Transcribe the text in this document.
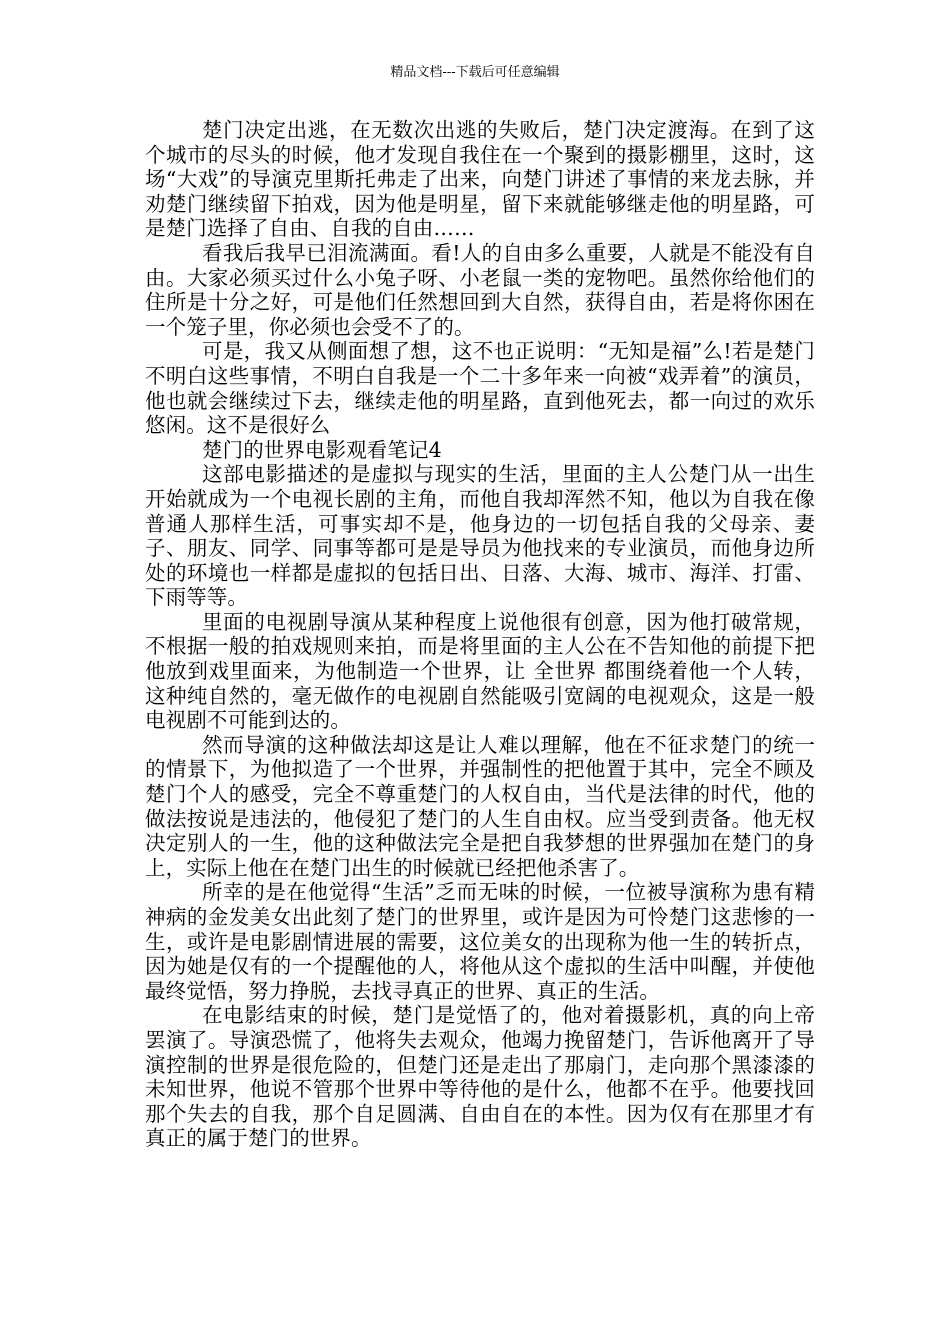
精品文档---下载后可任意编辑

楚门决定出逃，在无数次出逃的失败后，楚门决定渡海。在到了这个城市的尽头的时候，他才发现自我住在一个聚到的摄影棚里，这时，这场“大戏”的导演克里斯托弗走了出来，向楚门讲述了事情的来龙去脉，并劝楚门继续留下拍戏，因为他是明星，留下来就能够继走他的明星路，可是楚门选择了自由、自我的自由……

看我后我早已泪流满面。看!人的自由多么重要，人就是不能没有自由。大家必须买过什么小兔子呀、小老鼠一类的宠物吧。虽然你给他们的住所是十分之好，可是他们任然想回到大自然，获得自由，若是将你困在一个笼子里，你必须也会受不了的。

可是，我又从侧面想了想，这不也正说明：“无知是福”么!若是楚门不明白这些事情，不明白自我是一个二十多年来一向被“戏弄着”的演员，他也就会继续过下去，继续走他的明星路，直到他死去，都一向过的欢乐悠闲。这不是很好么

楚门的世界电影观看笔记4

这部电影描述的是虚拟与现实的生活，里面的主人公楚门从一出生开始就成为一个电视长剧的主角，而他自我却浑然不知，他以为自我在像普通人那样生活，可事实却不是，他身边的一切包括自我的父母亲、妻子、朋友、同学、同事等都可是是导员为他找来的专业演员，而他身边所处的环境也一样都是虚拟的包括日出、日落、大海、城市、海洋、打雷、下雨等等。

里面的电视剧导演从某种程度上说他很有创意，因为他打破常规，不根据一般的拍戏规则来拍，而是将里面的主人公在不告知他的前提下把他放到戏里面来，为他制造一个世界，让 全世界 都围绕着他一个人转，这种纯自然的，毫无做作的电视剧自然能吸引宽阔的电视观众，这是一般电视剧不可能到达的。

然而导演的这种做法却这是让人难以理解，他在不征求楚门的统一的情景下，为他拟造了一个世界，并强制性的把他置于其中，完全不顾及楚门个人的感受，完全不尊重楚门的人权自由，当代是法律的时代，他的做法按说是违法的，他侵犯了楚门的人生自由权。应当受到责备。他无权决定别人的一生，他的这种做法完全是把自我梦想的世界强加在楚门的身上，实际上他在在楚门出生的时候就已经把他杀害了。

所幸的是在他觉得“生活”乏而无味的时候，一位被导演称为患有精神病的金发美女出此刻了楚门的世界里，或许是因为可怜楚门这悲惨的一生，或许是电影剧情进展的需要，这位美女的出现称为他一生的转折点，因为她是仅有的一个提醒他的人，将他从这个虚拟的生活中叫醒，并使他最终觉悟，努力挣脱，去找寻真正的世界、真正的生活。

在电影结束的时候，楚门是觉悟了的，他对着摄影机，真的向上帝 罢演了。导演恐慌了，他将失去观众，他竭力挽留楚门，告诉他离开了导演控制的世界是很危险的，但楚门还是走出了那扇门，走向那个黑漆漆的未知世界，他说不管那个世界中等待他的是什么，他都不在乎。他要找回那个失去的自我，那个自足圆满、自由自在的本性。因为仅有在那里才有真正的属于楚门的世界。
